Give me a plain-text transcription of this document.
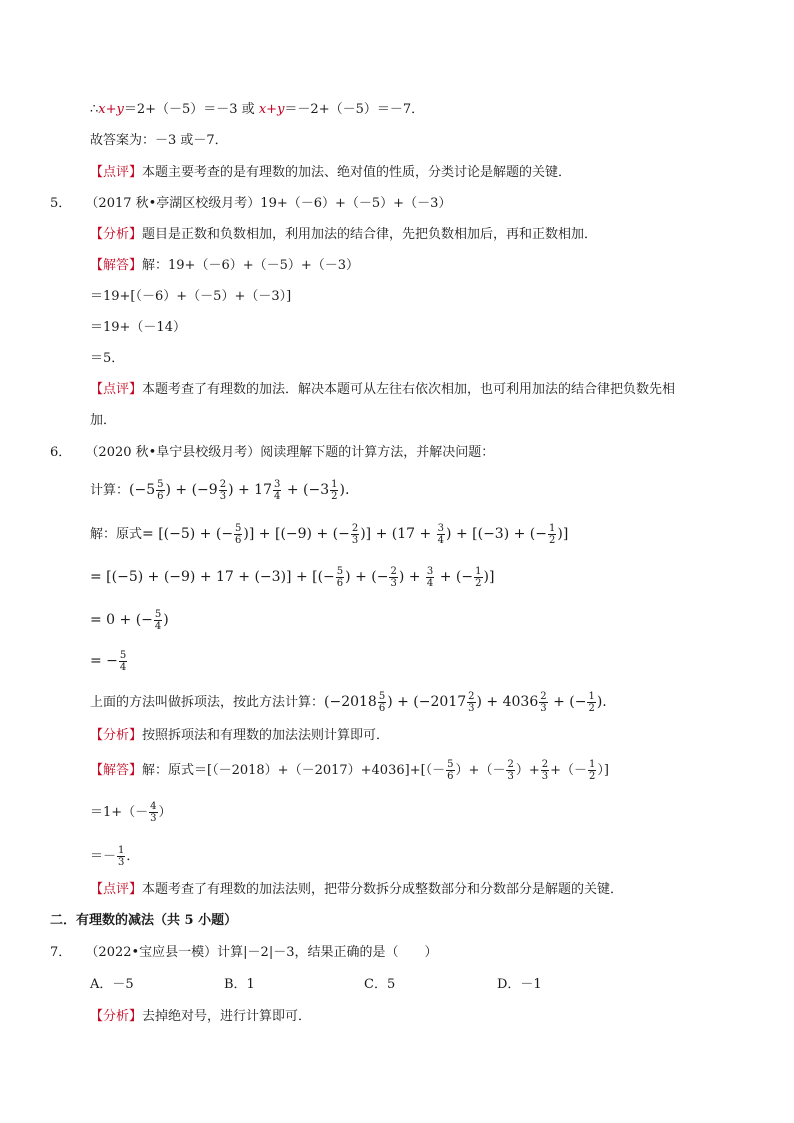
∴x+y＝2+（－5）＝－3 或 x+y＝－2+（－5）＝－7．
故答案为：－3 或－7．
【点评】本题主要考查的是有理数的加法、绝对值的性质，分类讨论是解题的关键．
5． （2017 秋•亭湖区校级月考）19+（－6）+（－5）+（－3）
【分析】题目是正数和负数相加，利用加法的结合律，先把负数相加后，再和正数相加．
【解答】解：19+（－6）+（－5）+（－3）
＝19+[（－6）+（－5）+（－3）]
＝19+（－14）
＝5．
【点评】本题考查了有理数的加法．解决本题可从左往右依次相加，也可利用加法的结合律把负数先相
加．
6． （2020 秋•阜宁县校级月考）阅读理解下题的计算方法，并解决问题：
计算：($-5 \frac{5}{6}$ ) + ($-9 \frac{2}{3}$ ) + $17 \frac{3}{4} + (-3 \frac{1}{2}$ ).
解：原式= [(−5) + (− $\frac{5}{6}$ )] + [(−9) + (− $\frac{2}{3}$ )] + ($17 + \frac{3}{4}$ ) + [(−3) + (− $\frac{1}{2}$ )]
= [(−5) + (−9) + 17 + (−3)] + [(− $\frac{5}{6}$ ) + (− $\frac{2}{3}$ ) + $\frac{3}{4}$ + (− $\frac{1}{2}$ )]
= 0 + (− $\frac{5}{4}$ )
= − $\frac{5}{4}$
上面的方法叫做拆项法，按此方法计算：($-2018 \frac{5}{6}$ ) + ($-2017 \frac{2}{3}$ ) + $4036 \frac{2}{3}$ + (− $\frac{1}{2}$ ).
【分析】按照拆项法和有理数的加法法则计算即可．
【解答】解：原式$=[(-2018)+(-2017)+4036]+[(- \frac{5}{6}$ ）+（－ $\frac{2}{3}$ ）+ $\frac{2}{3}$ +（－ $\frac{1}{2}$ ）]
$=1+(- \frac{4}{3}$ ）
＝－ $\frac{1}{3}$ ．
【点评】本题考查了有理数的加法法则，把带分数拆分成整数部分和分数部分是解题的关键．
二．有理数的减法（共 5 小题）
7． （2022•宝应县一模）计算|－2|－3，结果正确的是（　　）
A．－5	B．1	C．5	D．－1
【分析】去掉绝对号，进行计算即可．
